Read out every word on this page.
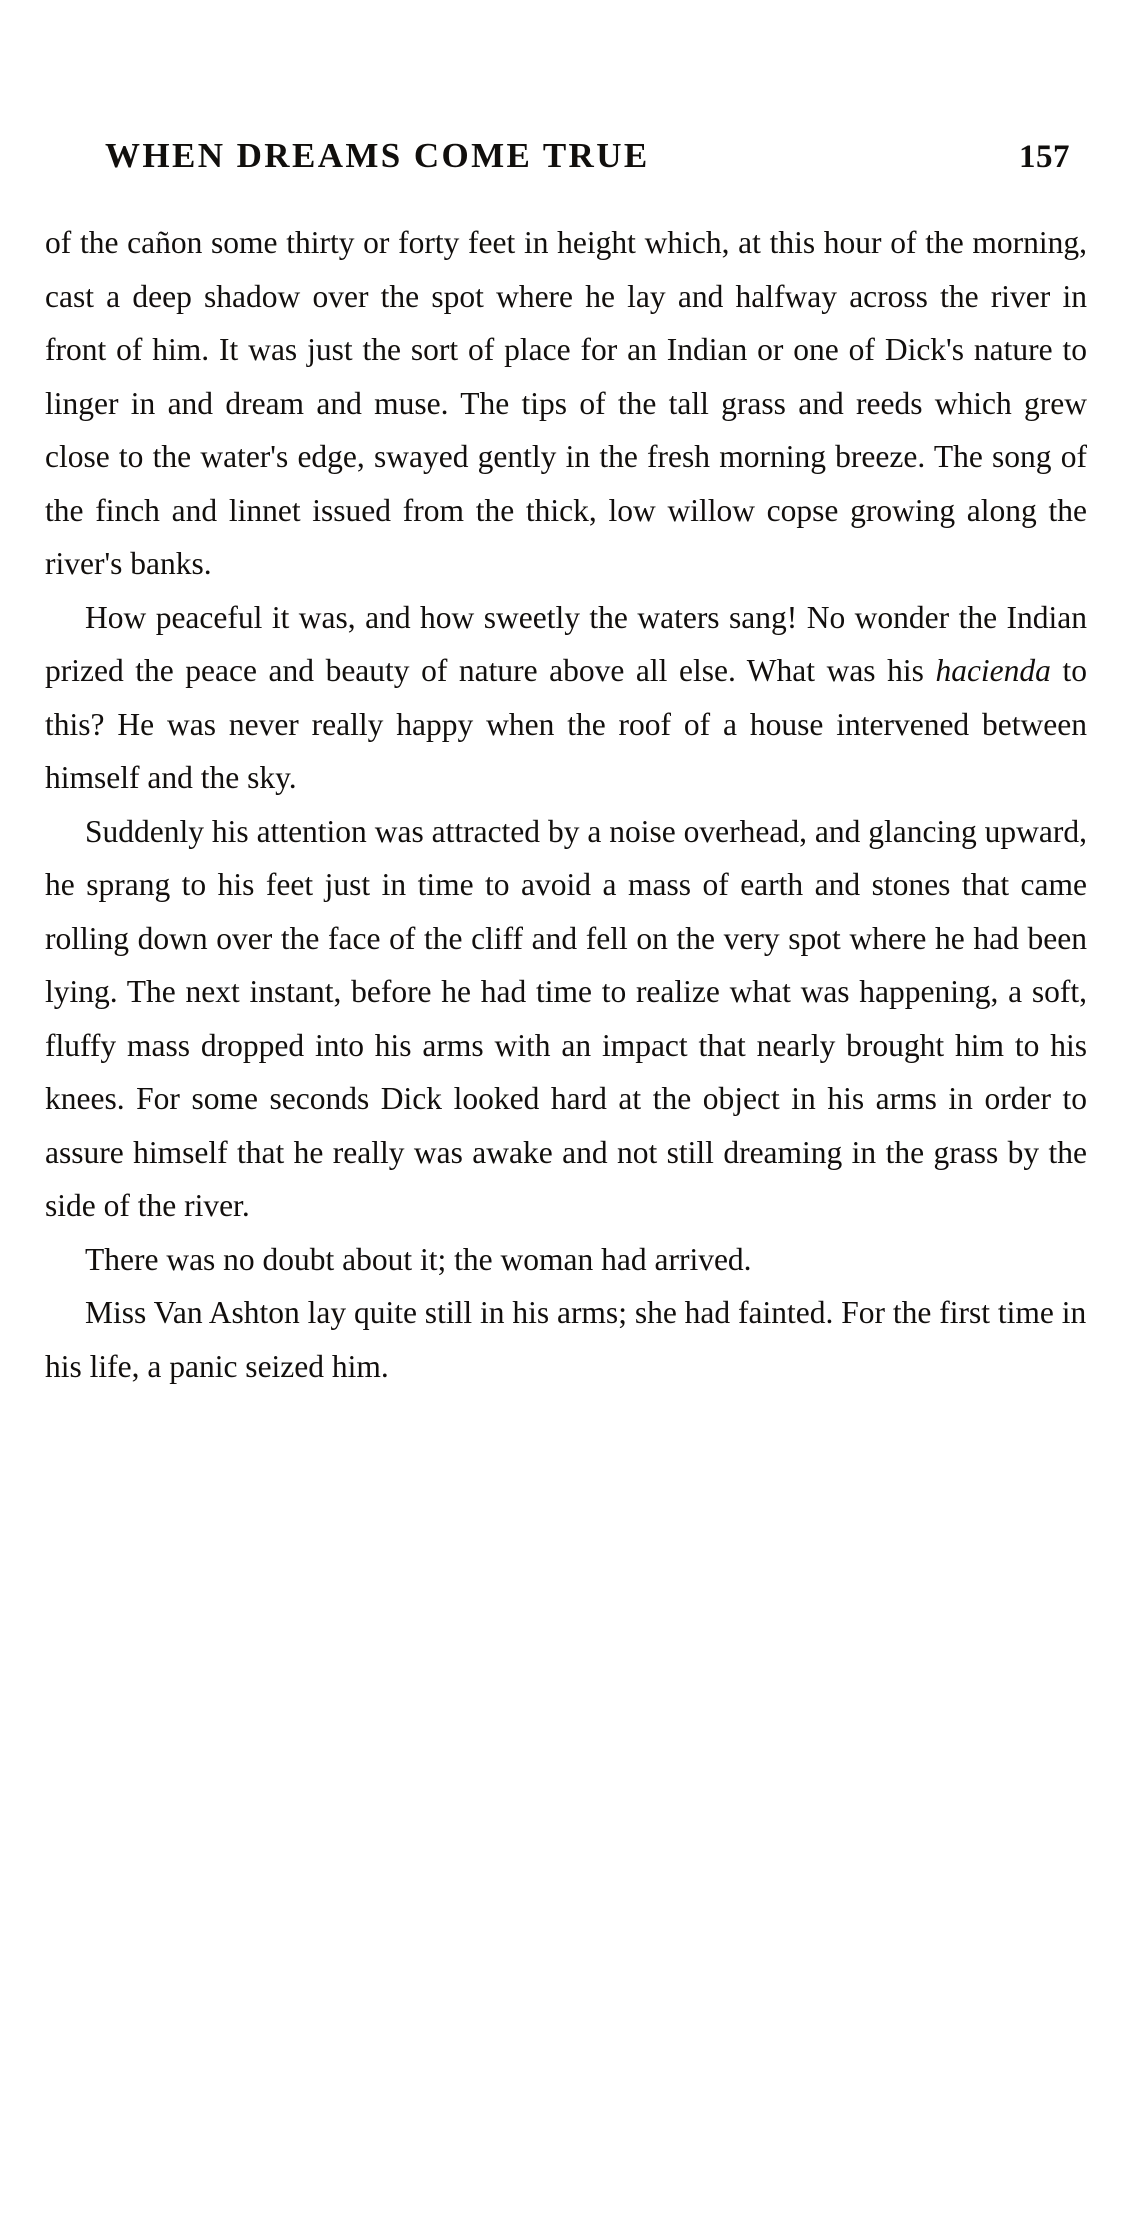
WHEN DREAMS COME TRUE	157

of the cañon some thirty or forty feet in height which, at this hour of the morning, cast a deep shadow over the spot where he lay and halfway across the river in front of him. It was just the sort of place for an Indian or one of Dick's nature to linger in and dream and muse. The tips of the tall grass and reeds which grew close to the water's edge, swayed gently in the fresh morning breeze. The song of the finch and linnet issued from the thick, low willow copse growing along the river's banks.

How peaceful it was, and how sweetly the waters sang! No wonder the Indian prized the peace and beauty of nature above all else. What was his hacienda to this? He was never really happy when the roof of a house intervened between himself and the sky.

Suddenly his attention was attracted by a noise overhead, and glancing upward, he sprang to his feet just in time to avoid a mass of earth and stones that came rolling down over the face of the cliff and fell on the very spot where he had been lying. The next instant, before he had time to realize what was happening, a soft, fluffy mass dropped into his arms with an impact that nearly brought him to his knees. For some seconds Dick looked hard at the object in his arms in order to assure himself that he really was awake and not still dreaming in the grass by the side of the river.

There was no doubt about it; the woman had arrived.

Miss Van Ashton lay quite still in his arms; she had fainted. For the first time in his life, a panic seized him.
